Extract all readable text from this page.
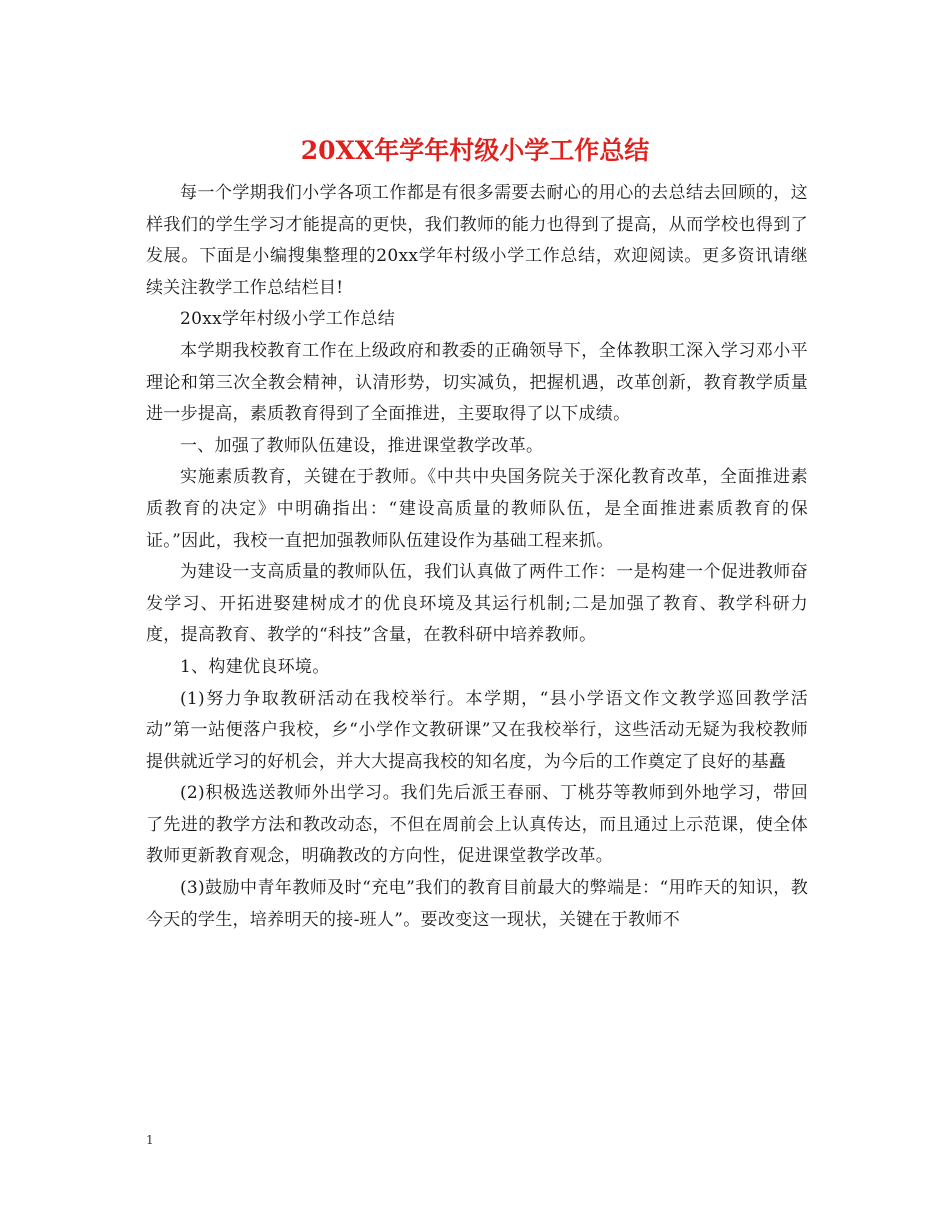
20XX年学年村级小学工作总结

每一个学期我们小学各项工作都是有很多需要去耐心的用心的去总结去回顾的，这样我们的学生学习才能提高的更快，我们教师的能力也得到了提高，从而学校也得到了发展。下面是小编搜集整理的20xx学年村级小学工作总结，欢迎阅读。更多资讯请继续关注教学工作总结栏目!

20xx学年村级小学工作总结

本学期我校教育工作在上级政府和教委的正确领导下，全体教职工深入学习邓小平理论和第三次全教会精神，认清形势，切实减负，把握机遇，改革创新，教育教学质量进一步提高，素质教育得到了全面推进，主要取得了以下成绩。

一、加强了教师队伍建设，推进课堂教学改革。

实施素质教育，关键在于教师。《中共中央国务院关于深化教育改革，全面推进素质教育的决定》中明确指出：“建设高质量的教师队伍，是全面推进素质教育的保证。”因此，我校一直把加强教师队伍建设作为基础工程来抓。

为建设一支高质量的教师队伍，我们认真做了两件工作：一是构建一个促进教师奋发学习、开拓进娶建树成才的优良环境及其运行机制;二是加强了教育、教学科研力度，提高教育、教学的“科技”含量，在教科研中培养教师。

1、构建优良环境。

(1)努力争取教研活动在我校举行。本学期，“县小学语文作文教学巡回教学活动”第一站便落户我校，乡“小学作文教研课”又在我校举行，这些活动无疑为我校教师提供就近学习的好机会，并大大提高我校的知名度，为今后的工作奠定了良好的基矗

(2)积极选送教师外出学习。我们先后派王春丽、丁桃芬等教师到外地学习，带回了先进的教学方法和教改动态，不但在周前会上认真传达，而且通过上示范课，使全体教师更新教育观念，明确教改的方向性，促进课堂教学改革。

(3)鼓励中青年教师及时“充电”我们的教育目前最大的弊端是：“用昨天的知识，教今天的学生，培养明天的接-班人”。要改变这一现状，关键在于教师不

1
